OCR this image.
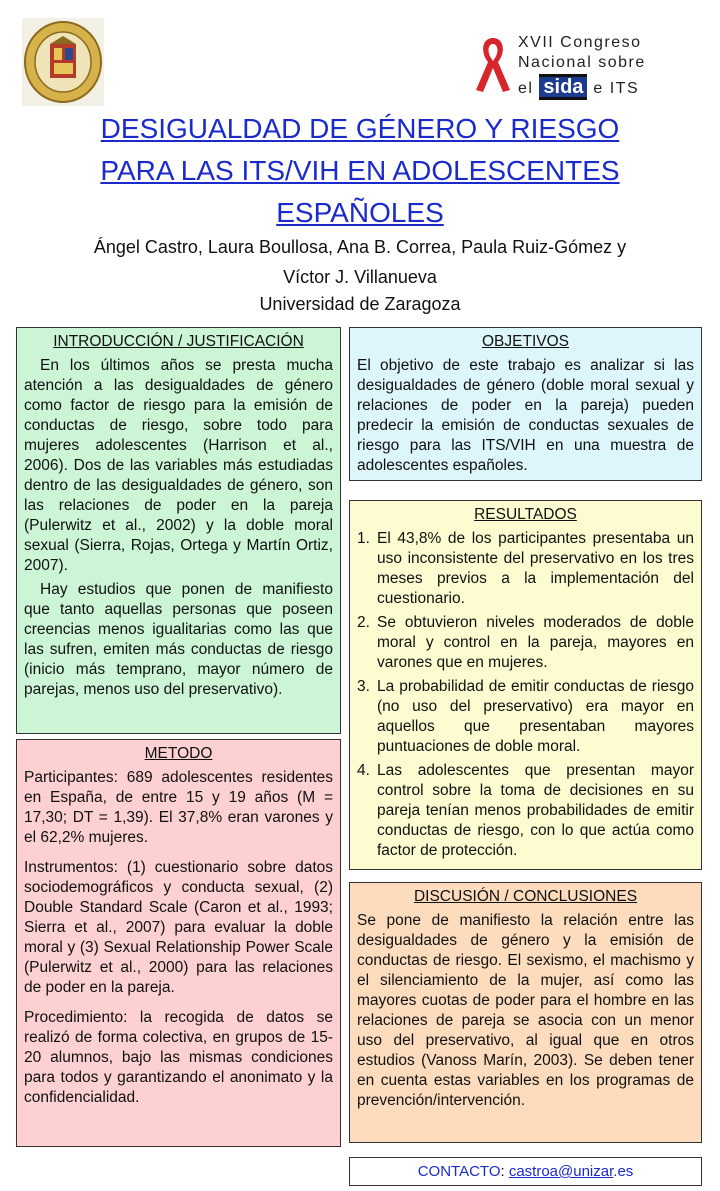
XVII Congreso
Nacional sobre
el sida e ITS
DESIGUALDAD DE GÉNERO Y RIESGO
PARA LAS ITS/VIH EN ADOLESCENTES
ESPAÑOLES
Ángel Castro, Laura Boullosa, Ana B. Correa, Paula Ruiz-Gómez y
Víctor J. Villanueva
Universidad de Zaragoza
INTRODUCCIÓN / JUSTIFICACIÓN

En los últimos años se presta mucha atención a las desigualdades de género como factor de riesgo para la emisión de conductas de riesgo, sobre todo para mujeres adolescentes (Harrison et al., 2006). Dos de las variables más estudiadas dentro de las desigualdades de género, son las relaciones de poder en la pareja (Pulerwitz et al., 2002) y la doble moral sexual (Sierra, Rojas, Ortega y Martín Ortiz, 2007).

Hay estudios que ponen de manifiesto que tanto aquellas personas que poseen creencias menos igualitarias como las que las sufren, emiten más conductas de riesgo (inicio más temprano, mayor número de parejas, menos uso del preservativo).

OBJETIVOS

El objetivo de este trabajo es analizar si las desigualdades de género (doble moral sexual y relaciones de poder en la pareja) pueden predecir la emisión de conductas sexuales de riesgo para las ITS/VIH en una muestra de adolescentes españoles.

RESULTADOS
1. El 43,8% de los participantes presentaba un uso inconsistente del preservativo en los tres meses previos a la implementación del cuestionario.
2. Se obtuvieron niveles moderados de doble moral y control en la pareja, mayores en varones que en mujeres.
3. La probabilidad de emitir conductas de riesgo (no uso del preservativo) era mayor en aquellos que presentaban mayores puntuaciones de doble moral.
4. Las adolescentes que presentan mayor control sobre la toma de decisiones en su pareja tenían menos probabilidades de emitir conductas de riesgo, con lo que actúa como factor de protección.
METODO

Participantes: 689 adolescentes residentes en España, de entre 15 y 19 años (M = 17,30; DT = 1,39). El 37,8% eran varones y el 62,2% mujeres.

Instrumentos: (1) cuestionario sobre datos sociodemográficos y conducta sexual, (2) Double Standard Scale (Caron et al., 1993; Sierra et al., 2007) para evaluar la doble moral y (3) Sexual Relationship Power Scale (Pulerwitz et al., 2000) para las relaciones de poder en la pareja.

Procedimiento: la recogida de datos se realizó de forma colectiva, en grupos de 15-20 alumnos, bajo las mismas condiciones para todos y garantizando el anonimato y la confidencialidad.

DISCUSIÓN / CONCLUSIONES

Se pone de manifiesto la relación entre las desigualdades de género y la emisión de conductas de riesgo. El sexismo, el machismo y el silenciamiento de la mujer, así como las mayores cuotas de poder para el hombre en las relaciones de pareja se asocia con un menor uso del preservativo, al igual que en otros estudios (Vanoss Marín, 2003). Se deben tener en cuenta estas variables en los programas de prevención/intervención.

CONTACTO: castroa@unizar.es
